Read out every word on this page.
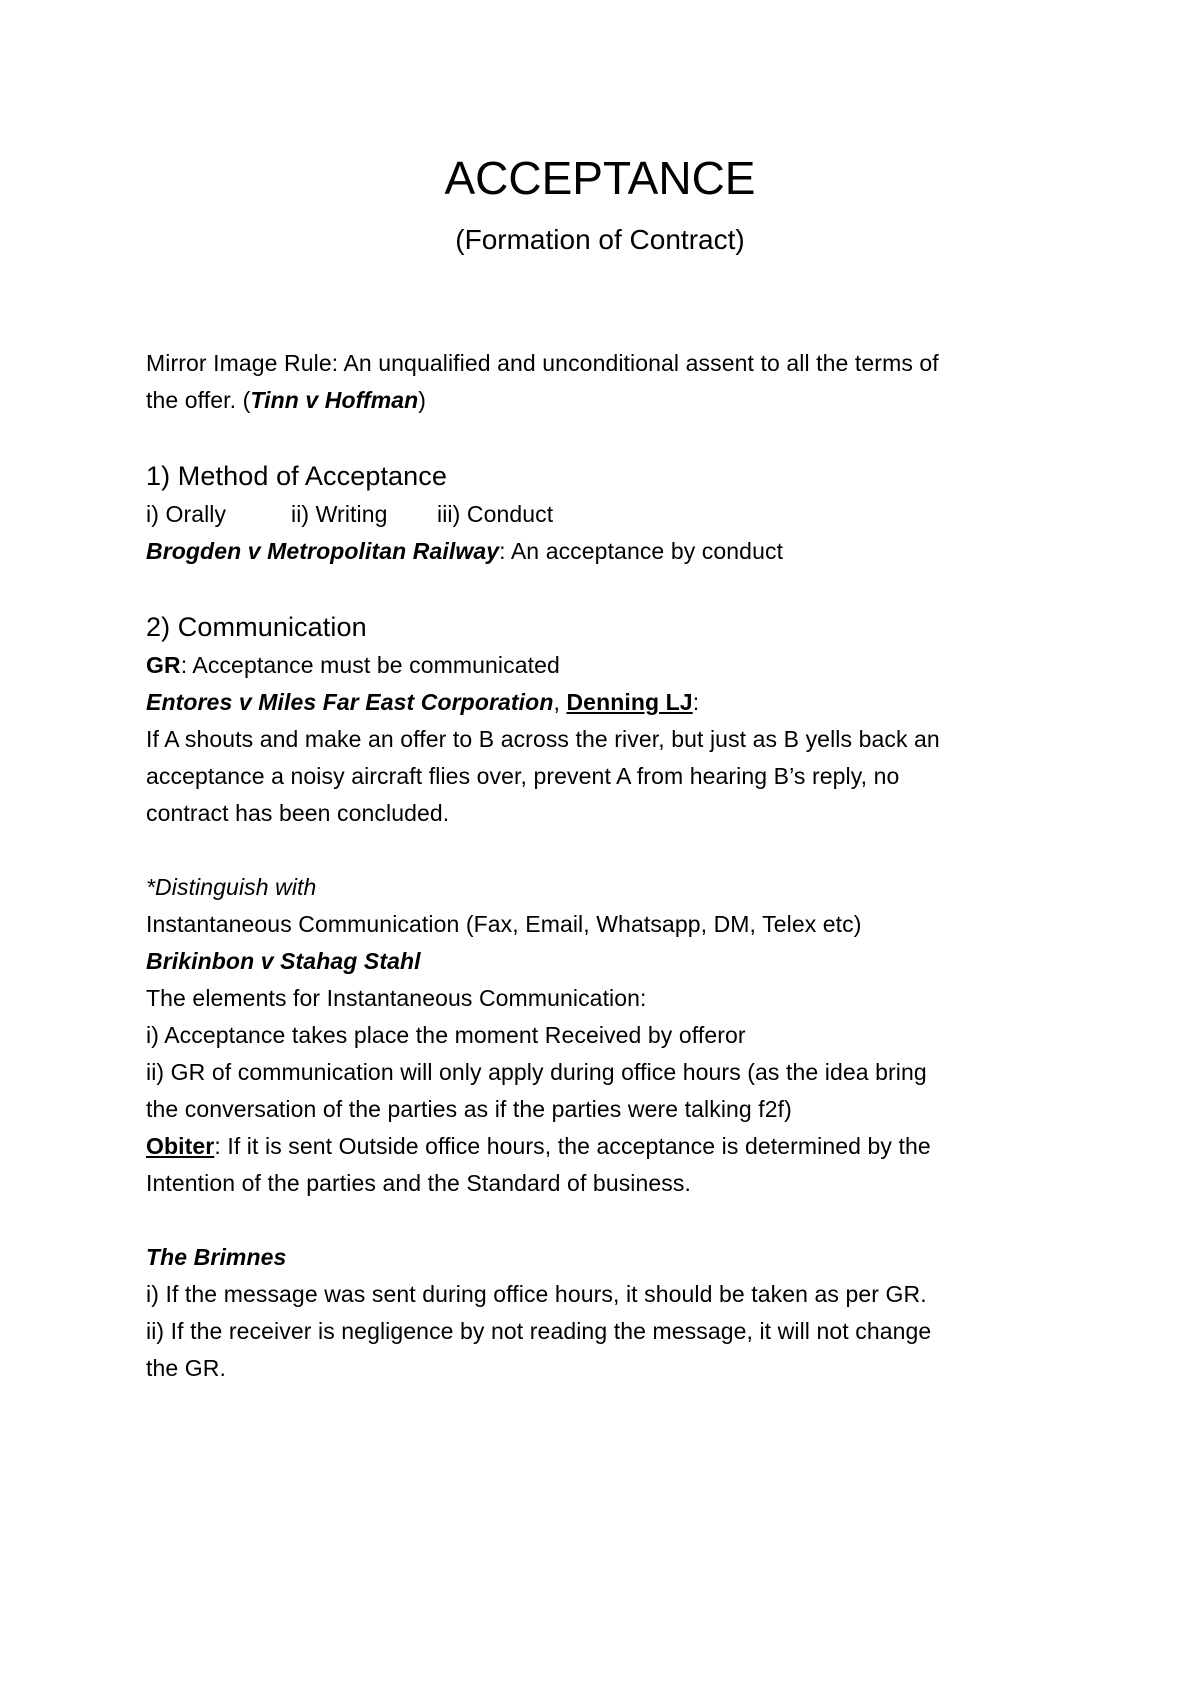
ACCEPTANCE

(Formation of Contract)

Mirror Image Rule: An unqualified and unconditional assent to all the terms of

the offer. (Tinn v Hoffman)

1) Method of Acceptance

i) Orally	ii) Writing iii) Conduct

Brogden v Metropolitan Railway: An acceptance by conduct

2) Communication

GR: Acceptance must be communicated

Entores v Miles Far East Corporation, Denning LJ:

If A shouts and make an offer to B across the river, but just as B yells back an

acceptance a noisy aircraft flies over, prevent A from hearing B’s reply, no

contract has been concluded.

*Distinguish with

Instantaneous Communication (Fax, Email, Whatsapp, DM, Telex etc)

Brikinbon v Stahag Stahl

The elements for Instantaneous Communication:

i) Acceptance takes place the moment Received by offeror

ii) GR of communication will only apply during office hours (as the idea bring

the conversation of the parties as if the parties were talking f2f)

Obiter: If it is sent Outside office hours, the acceptance is determined by the

Intention of the parties and the Standard of business.

The Brimnes

i) If the message was sent during office hours, it should be taken as per GR.

ii) If the receiver is negligence by not reading the message, it will not change

the GR.
